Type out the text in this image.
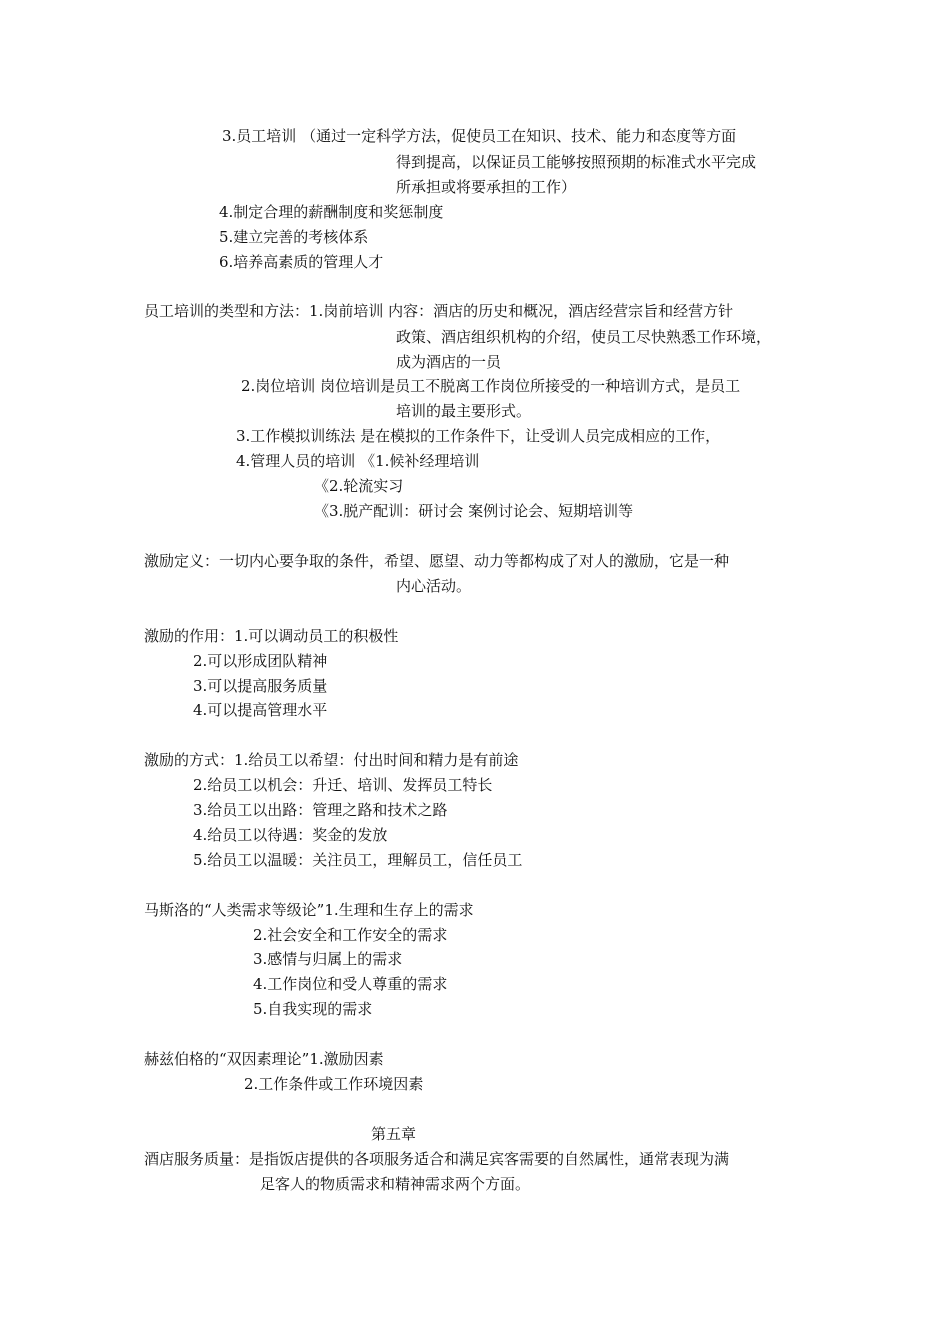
3.员工培训 （通过一定科学方法，促使员工在知识、技术、能力和态度等方面
得到提高，以保证员工能够按照预期的标准式水平完成
所承担或将要承担的工作）
4.制定合理的薪酬制度和奖惩制度
5.建立完善的考核体系
6.培养高素质的管理人才
员工培训的类型和方法：1.岗前培训 内容：酒店的历史和概况，酒店经营宗旨和经营方针
政策、酒店组织机构的介绍，使员工尽快熟悉工作环境，
成为酒店的一员
2.岗位培训 岗位培训是员工不脱离工作岗位所接受的一种培训方式，是员工
培训的最主要形式。
3.工作模拟训练法 是在模拟的工作条件下，让受训人员完成相应的工作，
4.管理人员的培训 《1.候补经理培训
《2.轮流实习
《3.脱产配训：研讨会 案例讨论会、短期培训等
激励定义：一切内心要争取的条件，希望、愿望、动力等都构成了对人的激励，它是一种
内心活动。
激励的作用：1.可以调动员工的积极性
2.可以形成团队精神
3.可以提高服务质量
4.可以提高管理水平
激励的方式：1.给员工以希望：付出时间和精力是有前途
2.给员工以机会：升迁、培训、发挥员工特长
3.给员工以出路：管理之路和技术之路
4.给员工以待遇：奖金的发放
5.给员工以温暖：关注员工，理解员工，信任员工
马斯洛的“人类需求等级论”1.生理和生存上的需求
2.社会安全和工作安全的需求
3.感情与归属上的需求
4.工作岗位和受人尊重的需求
5.自我实现的需求
赫兹伯格的“双因素理论”1.激励因素
2.工作条件或工作环境因素
第五章
酒店服务质量：是指饭店提供的各项服务适合和满足宾客需要的自然属性，通常表现为满
足客人的物质需求和精神需求两个方面。
